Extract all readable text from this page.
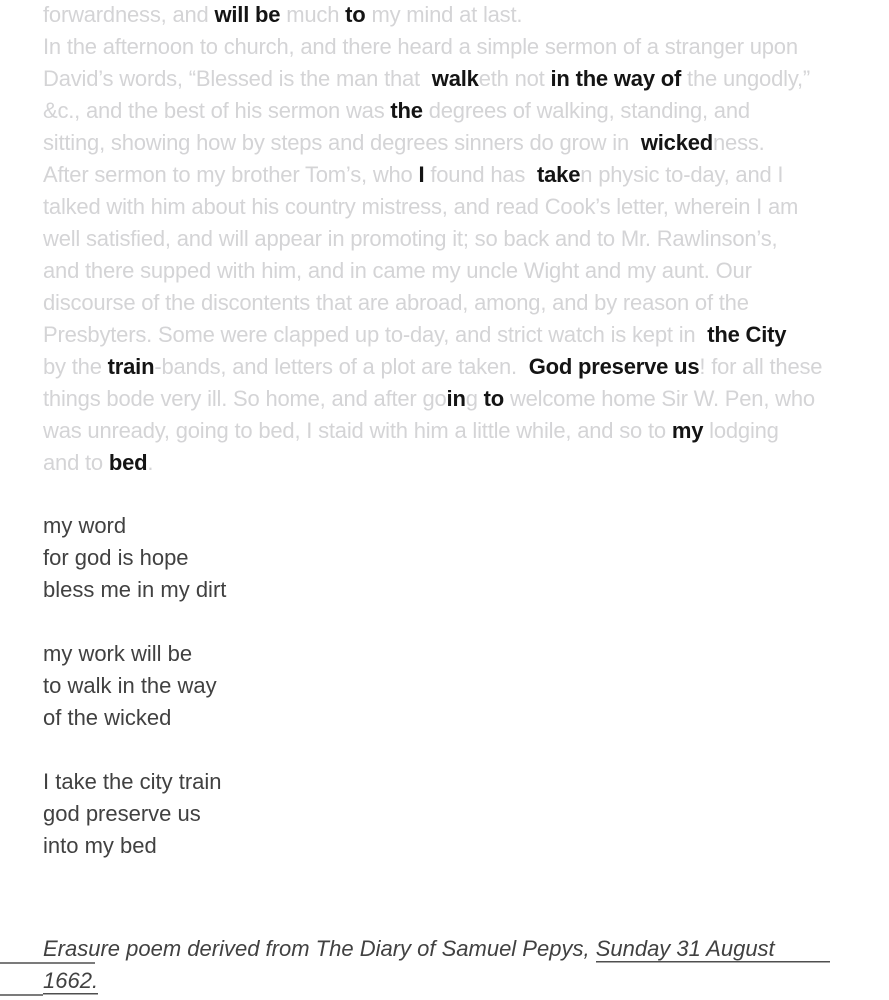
forwardness, and will be much to my mind at last.
In the afternoon to church, and there heard a simple sermon of a stranger upon
David’s words, “Blessed is the man that  walketh not in the way of the ungodly,”
&c., and the best of his sermon was the degrees of walking, standing, and
sitting, showing how by steps and degrees sinners do grow in  wickedness.
After sermon to my brother Tom’s, who I found has  taken physic to-day, and I
talked with him about his country mistress, and read Cook’s letter, wherein I am
well satisfied, and will appear in promoting it; so back and to Mr. Rawlinson’s,
and there supped with him, and in came my uncle Wight and my aunt. Our
discourse of the discontents that are abroad, among, and by reason of the
Presbyters. Some were clapped up to-day, and strict watch is kept in  the City
by the train-bands, and letters of a plot are taken.  God preserve us! for all these
things bode very ill. So home, and after going to welcome home Sir W. Pen, who
was unready, going to bed, I staid with him a little while, and so to my lodging
and to bed.
my word
for god is hope
bless me in my dirt
my work will be
to walk in the way
of the wicked
I take the city train
god preserve us
into my bed
Erasure poem derived from The Diary of Samuel Pepys, Sunday 31 August
1662.
